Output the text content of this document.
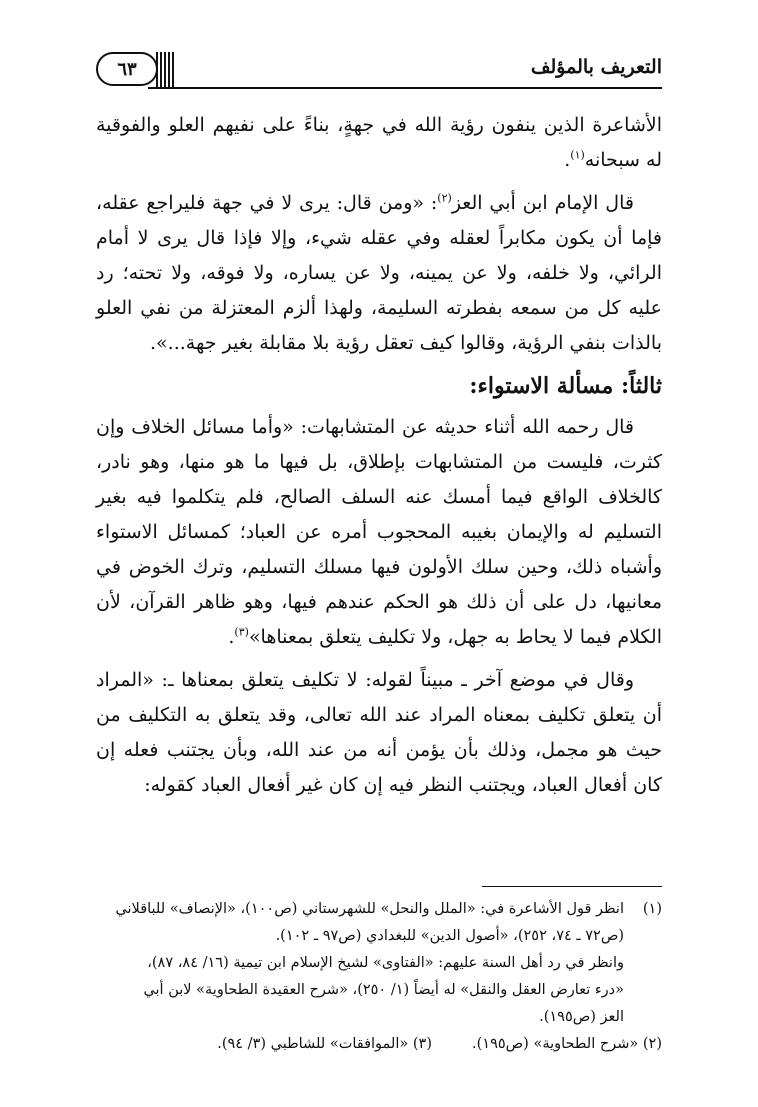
التعريف بالمؤلف
٦٣

الأشاعرة الذين ينفون رؤية الله في جهةٍ، بناءً على نفيهم العلو والفوقية له سبحانه$^{(١)}$.

قال الإمام ابن أبي العز$^{(٢)}$: «ومن قال: يرى لا في جهة فليراجع عقله، فإما أن يكون مكابراً لعقله وفي عقله شيء، وإلا فإذا قال يرى لا أمام الرائي، ولا خلفه، ولا عن يمينه، ولا عن يساره، ولا فوقه، ولا تحته؛ رد عليه كل من سمعه بفطرته السليمة، ولهذا ألزم المعتزلة من نفي العلو بالذات بنفي الرؤية، وقالوا كيف تعقل رؤية بلا مقابلة بغير جهة...».

ثالثاً: مسألة الاستواء:

قال رحمه الله أثناء حديثه عن المتشابهات: «وأما مسائل الخلاف وإن كثرت، فليست من المتشابهات بإطلاق، بل فيها ما هو منها، وهو نادر، كالخلاف الواقع فيما أمسك عنه السلف الصالح، فلم يتكلموا فيه بغير التسليم له والإيمان بغيبه المحجوب أمره عن العباد؛ كمسائل الاستواء وأشباه ذلك، وحين سلك الأولون فيها مسلك التسليم، وترك الخوض في معانيها، دل على أن ذلك هو الحكم عندهم فيها، وهو ظاهر القرآن، لأن الكلام فيما لا يحاط به جهل، ولا تكليف يتعلق بمعناها»$^{(٣)}$.

وقال في موضع آخر ـ مبيناً لقوله: لا تكليف يتعلق بمعناها ـ: «المراد أن يتعلق تكليف بمعناه المراد عند الله تعالى، وقد يتعلق به التكليف من حيث هو مجمل، وذلك بأن يؤمن أنه من عند الله، وبأن يجتنب فعله إن كان أفعال العباد، ويجتنب النظر فيه إن كان غير أفعال العباد كقوله:

(١)
انظر قول الأشاعرة في: «الملل والنحل» للشهرستاني (ص١٠٠)، «الإنصاف» للباقلاني
(ص٧٢ ـ ٧٤، ٢٥٢)، «أصول الدين» للبغدادي (ص٩٧ ـ ١٠٢).
وانظر في رد أهل السنة عليهم: «الفتاوى» لشيخ الإسلام ابن تيمية (١٦/ ٨٤، ٨٧)،
«درء تعارض العقل والنقل» له أيضاً (١/ ٢٥٠)، «شرح العقيدة الطحاوية» لابن أبي
العز (ص١٩٥).
(٢) «شرح الطحاوية» (ص١٩٥).
(٣) «الموافقات» للشاطبي (٣/ ٩٤).
